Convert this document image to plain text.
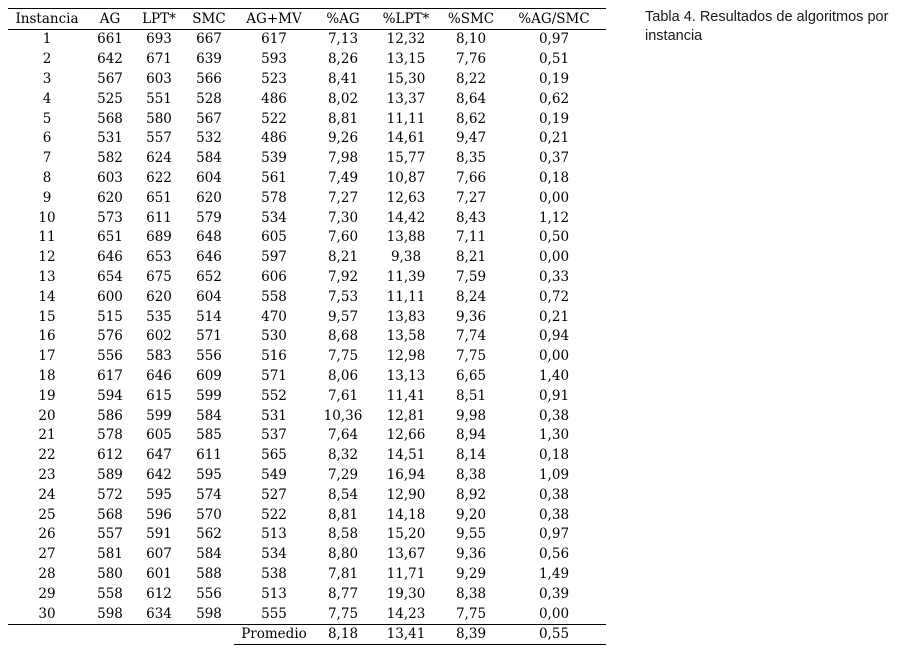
Instancia	AG	LPT*	SMC	AG+MV	%AG	%LPT*	%SMC	%AG/SMC
1	661	693	667	617	7,13	12,32	8,10	0,97
2	642	671	639	593	8,26	13,15	7,76	0,51
3	567	603	566	523	8,41	15,30	8,22	0,19
4	525	551	528	486	8,02	13,37	8,64	0,62
5	568	580	567	522	8,81	11,11	8,62	0,19
6	531	557	532	486	9,26	14,61	9,47	0,21
7	582	624	584	539	7,98	15,77	8,35	0,37
8	603	622	604	561	7,49	10,87	7,66	0,18
9	620	651	620	578	7,27	12,63	7,27	0,00
10	573	611	579	534	7,30	14,42	8,43	1,12
11	651	689	648	605	7,60	13,88	7,11	0,50
12	646	653	646	597	8,21	9,38	8,21	0,00
13	654	675	652	606	7,92	11,39	7,59	0,33
14	600	620	604	558	7,53	11,11	8,24	0,72
15	515	535	514	470	9,57	13,83	9,36	0,21
16	576	602	571	530	8,68	13,58	7,74	0,94
17	556	583	556	516	7,75	12,98	7,75	0,00
18	617	646	609	571	8,06	13,13	6,65	1,40
19	594	615	599	552	7,61	11,41	8,51	0,91
20	586	599	584	531	10,36	12,81	9,98	0,38
21	578	605	585	537	7,64	12,66	8,94	1,30
22	612	647	611	565	8,32	14,51	8,14	0,18
23	589	642	595	549	7,29	16,94	8,38	1,09
24	572	595	574	527	8,54	12,90	8,92	0,38
25	568	596	570	522	8,81	14,18	9,20	0,38
26	557	591	562	513	8,58	15,20	9,55	0,97
27	581	607	584	534	8,80	13,67	9,36	0,56
28	580	601	588	538	7,81	11,71	9,29	1,49
29	558	612	556	513	8,77	19,30	8,38	0,39
30	598	634	598	555	7,75	14,23	7,75	0,00
				Promedio	8,18	13,41	8,39	0,55
Tabla 4. Resultados de algoritmos por instancia
